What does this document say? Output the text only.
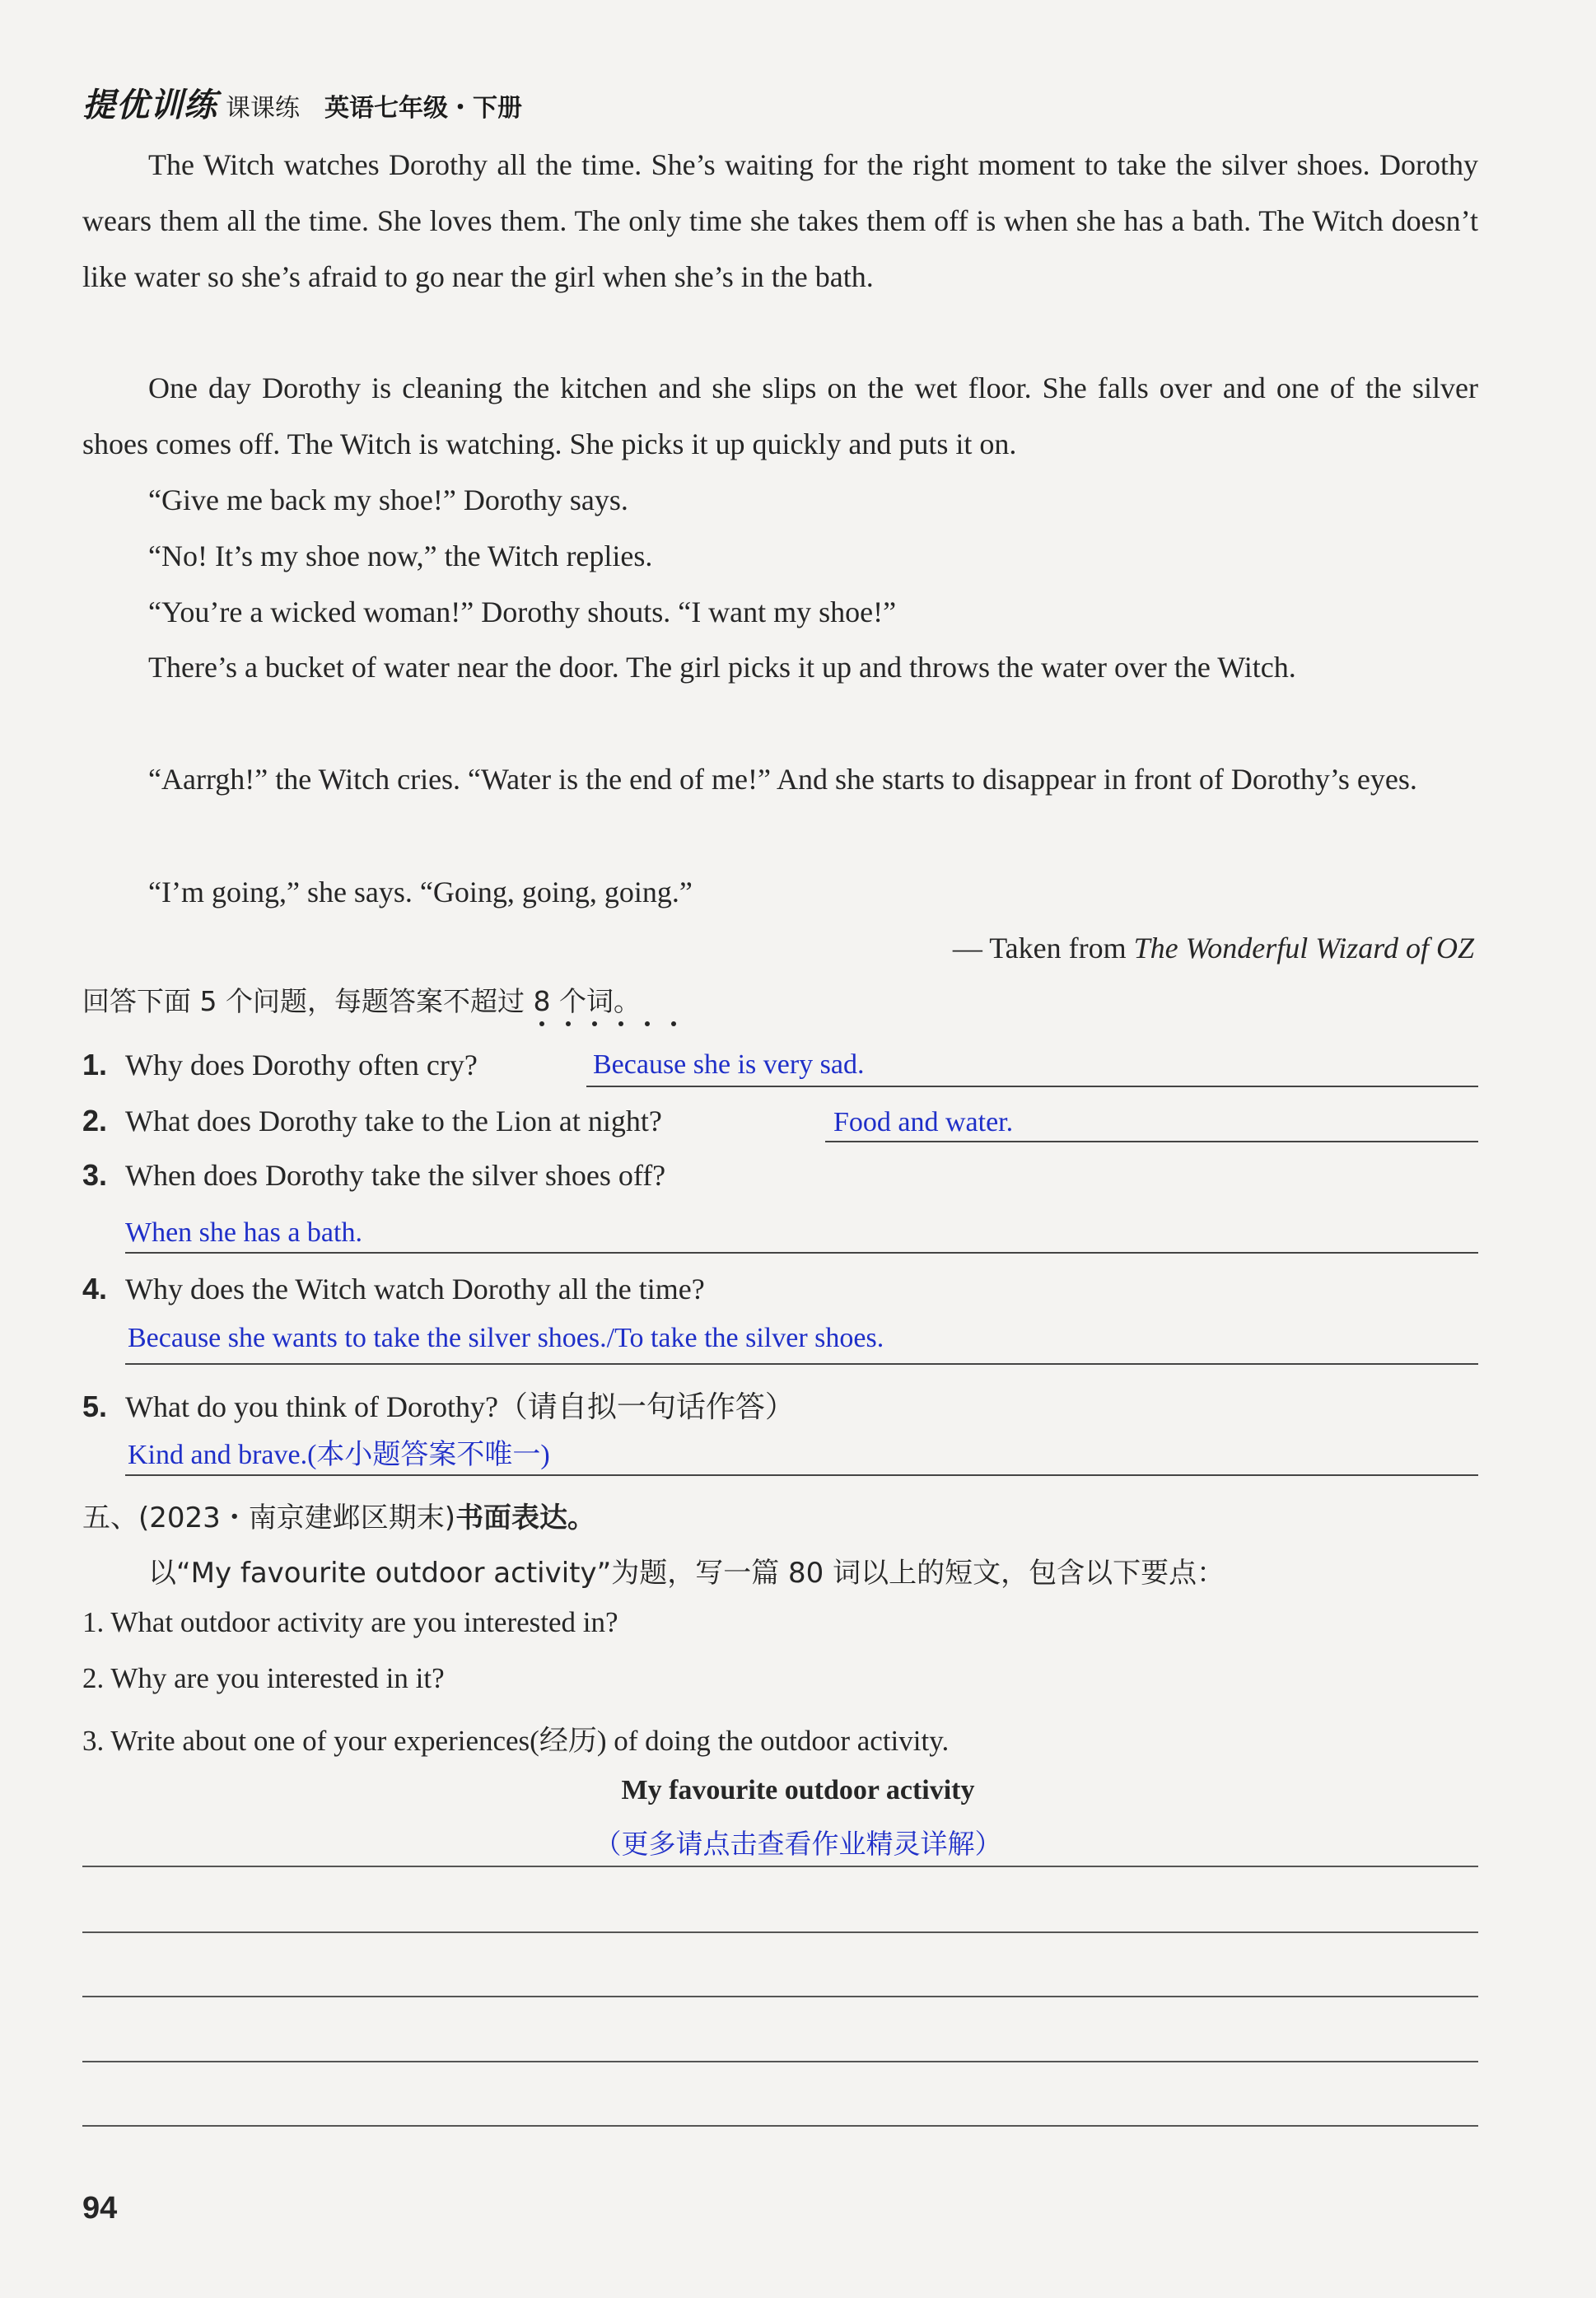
提优训练 课课练 英语七年级・下册

The Witch watches Dorothy all the time. She’s waiting for the right moment to take the silver shoes. Dorothy wears them all the time. She loves them. The only time she takes them off is when she has a bath. The Witch doesn’t like water so she’s afraid to go near the girl when she’s in the bath.

One day Dorothy is cleaning the kitchen and she slips on the wet floor. She falls over and one of the silver shoes comes off. The Witch is watching. She picks it up quickly and puts it on.

“Give me back my shoe!” Dorothy says.
“No! It’s my shoe now,” the Witch replies.
“You’re a wicked woman!” Dorothy shouts. “I want my shoe!”

There’s a bucket of water near the door. The girl picks it up and throws the water over the Witch.

“Aarrgh!” the Witch cries. “Water is the end of me!” And she starts to disappear in front of Dorothy’s eyes.

“I’m going,” she says. “Going, going, going.”
— Taken from The Wonderful Wizard of OZ
回答下面 5 个问题，每题答案不超过 8 个词。
1. Why does Dorothy often cry?	Because she is very sad.
2. What does Dorothy take to the Lion at night?	Food and water.
3. When does Dorothy take the silver shoes off?
When she has a bath.
4. Why does the Witch watch Dorothy all the time?
Because she wants to take the silver shoes./To take the silver shoes.
5. What do you think of Dorothy?（请自拟一句话作答）
Kind and brave.(本小题答案不唯一)
五、(2023・南京建邺区期末)书面表达。
以“My favourite outdoor activity”为题，写一篇 80 词以上的短文，包含以下要点：
1. What outdoor activity are you interested in?
2. Why are you interested in it?
3. Write about one of your experiences(经历) of doing the outdoor activity.
My favourite outdoor activity
（更多请点击查看作业精灵详解）
94
